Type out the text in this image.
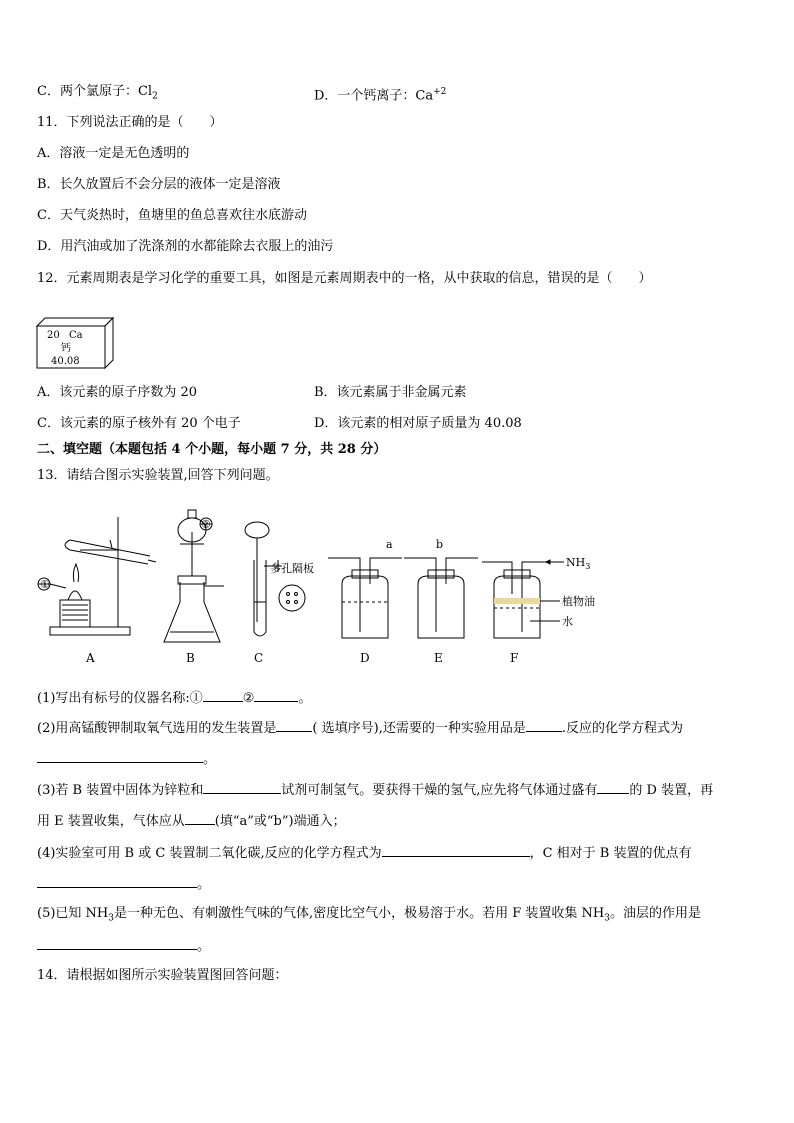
C．两个氯原子：$Cl_2$	D．一个钙离子：$Ca^{+2}$
11．下列说法正确的是（　　）
A．溶液一定是无色透明的
B．长久放置后不会分层的液体一定是溶液
C．天气炎热时，鱼塘里的鱼总喜欢往水底游动
D．用汽油或加了洗涤剂的水都能除去衣服上的油污
12．元素周期表是学习化学的重要工具，如图是元素周期表中的一格，从中获取的信息，错误的是（　　）
20 Ca
钙
40.08
A．该元素的原子序数为 20	B．该元素属于非金属元素
C．该元素的原子核外有 20 个电子	D．该元素的相对原子质量为 40.08
二、填空题（本题包括 4 个小题，每小题 7 分，共 28 分）
13．请结合图示实验装置,回答下列问题。
①
②
多孔隔板
a	b
$NH_3$
植物油
水
A	B	C	D	E	F
(1)写出有标号的仪器名称:①	②	。
(2)用高锰酸钾制取氧气选用的发生装置是	( 选填序号),还需要的一种实验用品是	.反应的化学方程式为
。
(3)若 B 装置中固体为锌粒和	试剂可制氢气。要获得干燥的氢气,应先将气体通过盛有 的 D 装置，再
用 E 装置收集，气体应从 (填“a”或“b”)端通入；
(4)实验室可用 B 或 C 装置制二氧化碳,反应的化学方程式为	，C 相对于 B 装置的优点有
。
(5)已知 $NH_3$是一种无色、有刺激性气味的气体,密度比空气小，极易溶于水。若用 F 装置收集 $NH_3$。油层的作用是
。
14．请根据如图所示实验装置图回答问题：
